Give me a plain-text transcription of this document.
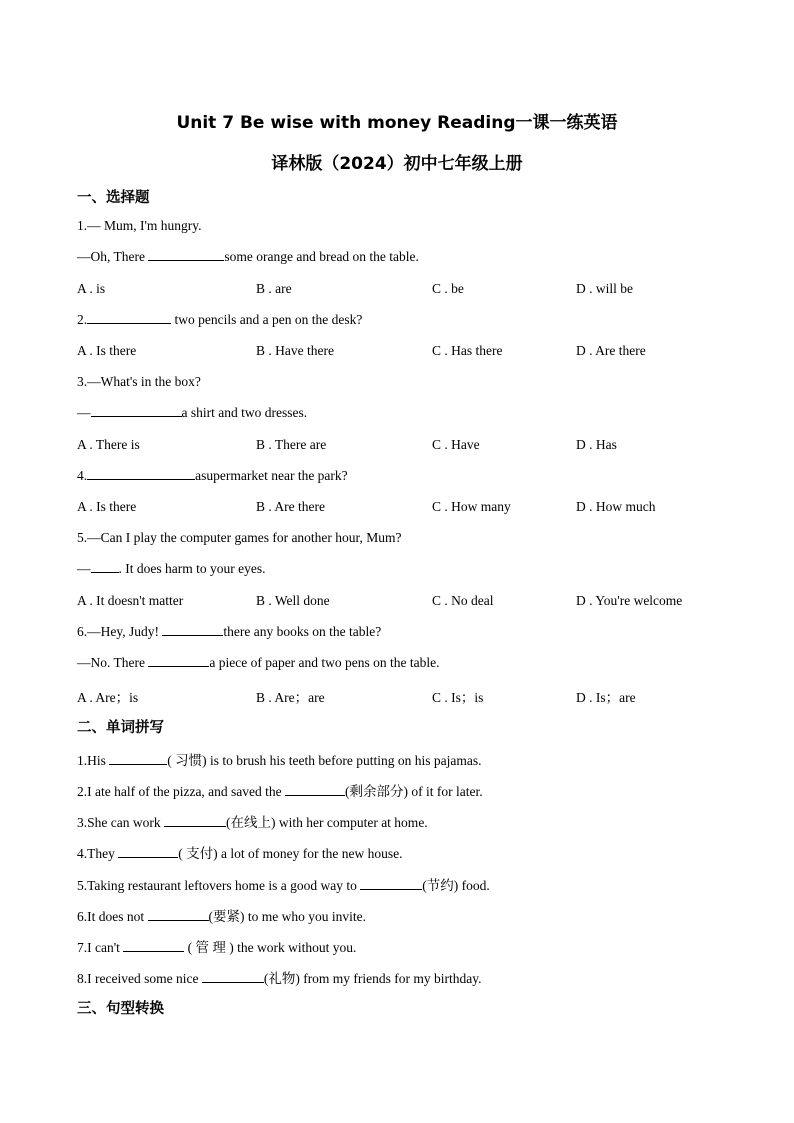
Unit 7 Be wise with money Reading一课一练英语
译林版（2024）初中七年级上册
一、选择题
1.— Mum, I'm hungry.
—Oh, There	some orange and bread on the table.
A . is	B . are	C . be	D . will be
2.	two pencils and a pen on the desk?
A . Is there	B . Have there	C . Has there	D . Are there
3.—What's in the box?
—	a shirt and two dresses.
A . There is	B . There are	C . Have	D . Has
4.	asupermarket near the park?
A . Is there	B . Are there	C . How many	D . How much
5.—Can I play the computer games for another hour, Mum?
— . It does harm to your eyes.
A . It doesn't matter	B . Well done	C . No deal	D . You're welcome
6.—Hey, Judy!	there any books on the table?
—No. There	a piece of paper and two pens on the table.
A . Are；is	B . Are；are	C . Is；is	D . Is；are
二、单词拼写
1.His	( 习惯) is to brush his teeth before putting on his pajamas.
2.I ate half of the pizza, and saved the	(剩余部分) of it for later.
3.She can work	(在线上) with her computer at home.
4.They	( 支付) a lot of money for the new house.
5.Taking restaurant leftovers home is a good way to	(节约) food.
6.It does not	(要紧) to me who you invite.
7.I can't	( 管 理 ) the work without you.
8.I received some nice	(礼物) from my friends for my birthday.
三、句型转换
